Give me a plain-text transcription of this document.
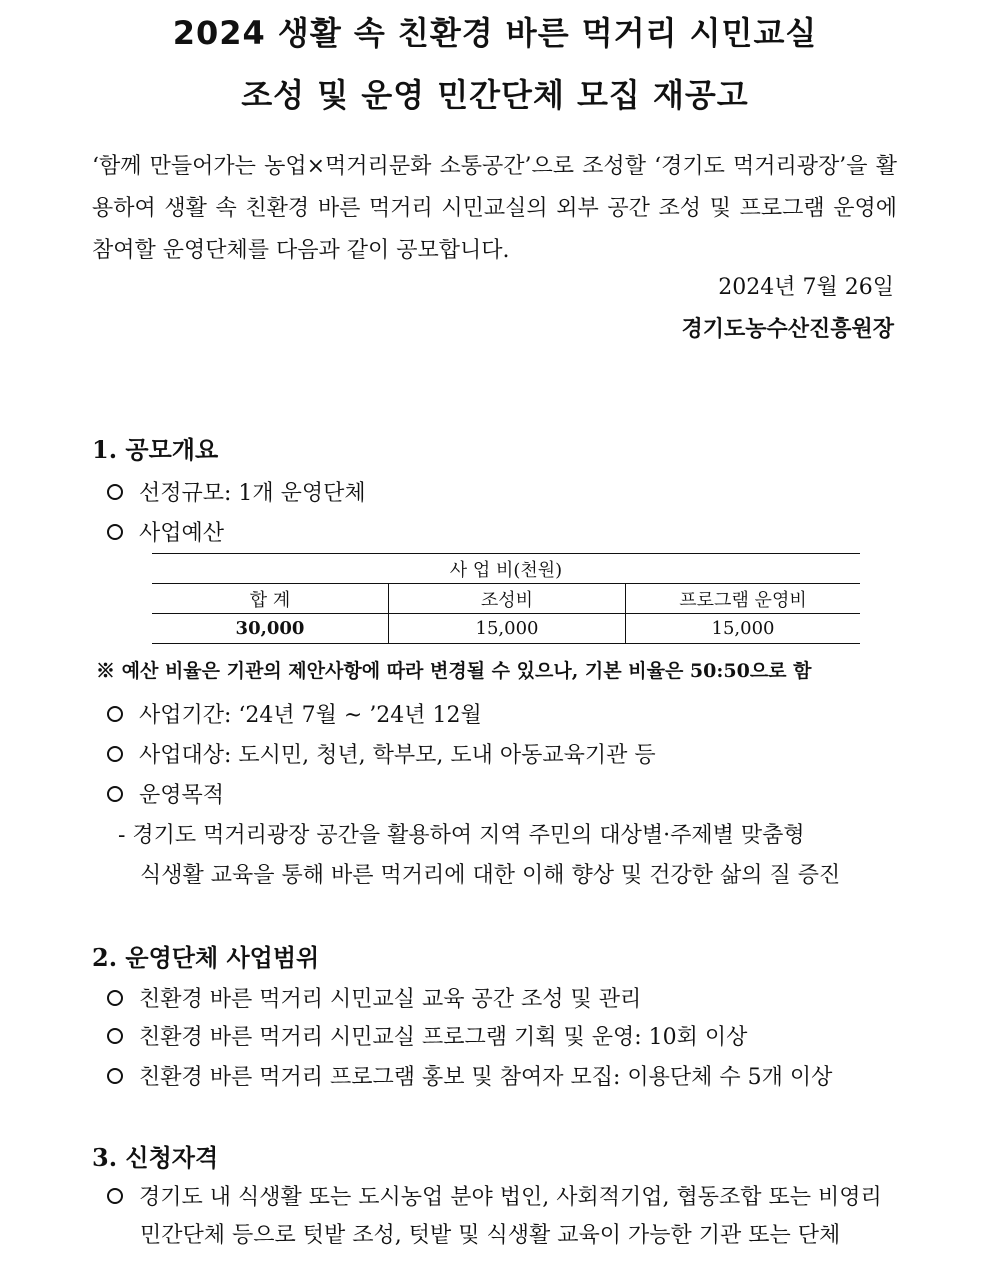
2024 생활 속 친환경 바른 먹거리 시민교실
조성 및 운영 민간단체 모집 재공고
‘함께 만들어가는 농업×먹거리문화 소통공간’으로 조성할 ‘경기도 먹거리광장’을 활용하여 생활 속 친환경 바른 먹거리 시민교실의 외부 공간 조성 및 프로그램 운영에 참여할 운영단체를 다음과 같이 공모합니다.
2024년 7월 26일
경기도농수산진흥원장
1. 공모개요
선정규모: 1개 운영단체
사업예산
사 업 비(천원)		
합 계	조성비	프로그램 운영비
30,000	15,000	15,000
※ 예산 비율은 기관의 제안사항에 따라 변경될 수 있으나, 기본 비율은 50:50으로 함
사업기간: ‘24년 7월 ~ ’24년 12월
사업대상: 도시민, 청년, 학부모, 도내 아동교육기관 등
운영목적
- 경기도 먹거리광장 공간을 활용하여 지역 주민의 대상별·주제별 맞춤형
식생활 교육을 통해 바른 먹거리에 대한 이해 향상 및 건강한 삶의 질 증진
2. 운영단체 사업범위
친환경 바른 먹거리 시민교실 교육 공간 조성 및 관리
친환경 바른 먹거리 시민교실 프로그램 기획 및 운영: 10회 이상
친환경 바른 먹거리 프로그램 홍보 및 참여자 모집: 이용단체 수 5개 이상
3. 신청자격
경기도 내 식생활 또는 도시농업 분야 법인, 사회적기업, 협동조합 또는 비영리
민간단체 등으로 텃밭 조성, 텃밭 및 식생활 교육이 가능한 기관 또는 단체
